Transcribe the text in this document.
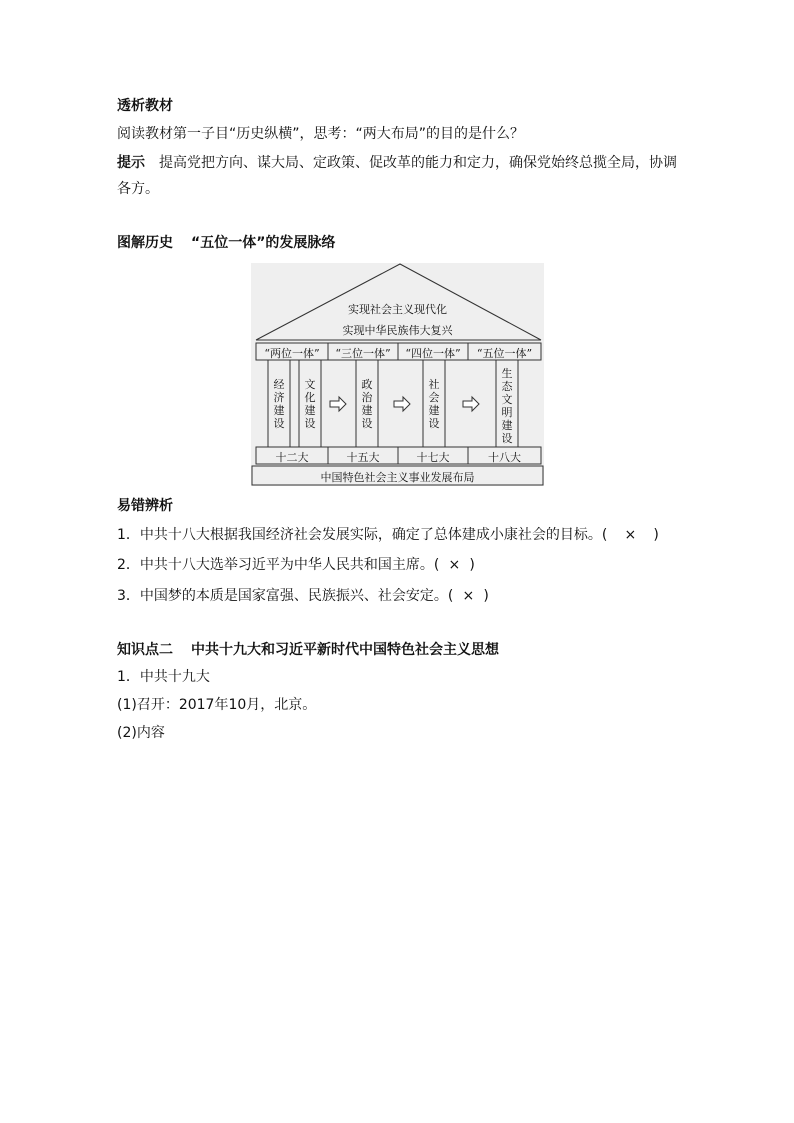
透析教材
阅读教材第一子目“历史纵横”，思考：“两大布局”的目的是什么？
提示 提高党把方向、谋大局、定政策、促改革的能力和定力，确保党始终总揽全局，协调各方。
图解历史 “五位一体”的发展脉络
实现社会主义现代化
实现中华民族伟大复兴
“两位一体”	“三位一体”	“四位一体”	“五位一体”
经济建设
文化建设
政治建设
社会建设
生态文明建设
十二大	十五大	十七大	十八大
中国特色社会主义事业发展布局
易错辨析
1．中共十八大根据我国经济社会发展实际，确定了总体建成小康社会的目标。( × )
2．中共十八大选举习近平为中华人民共和国主席。( × )
3．中国梦的本质是国家富强、民族振兴、社会安定。( × )
知识点二 中共十九大和习近平新时代中国特色社会主义思想
1．中共十九大
(1)召开：2017年10月，北京。
(2)内容
